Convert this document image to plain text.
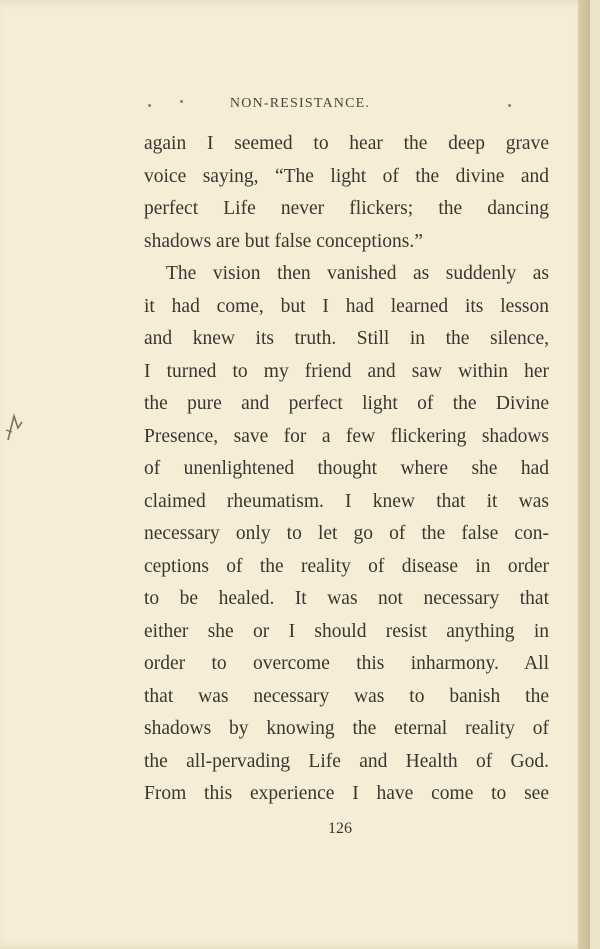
NON-RESISTANCE.
again I seemed to hear the deep grave
voice saying, “The light of the divine and
perfect Life never flickers; the dancing
shadows are but false conceptions.”
The vision then vanished as suddenly as
it had come, but I had learned its lesson
and knew its truth. Still in the silence,
I turned to my friend and saw within her
the pure and perfect light of the Divine
Presence, save for a few flickering shadows
of unenlightened thought where she had
claimed rheumatism. I knew that it was
necessary only to let go of the false con-
ceptions of the reality of disease in order
to be healed. It was not necessary that
either she or I should resist anything in
order to overcome this inharmony. All
that was necessary was to banish the
shadows by knowing the eternal reality of
the all-pervading Life and Health of God.
From this experience I have come to see
126
